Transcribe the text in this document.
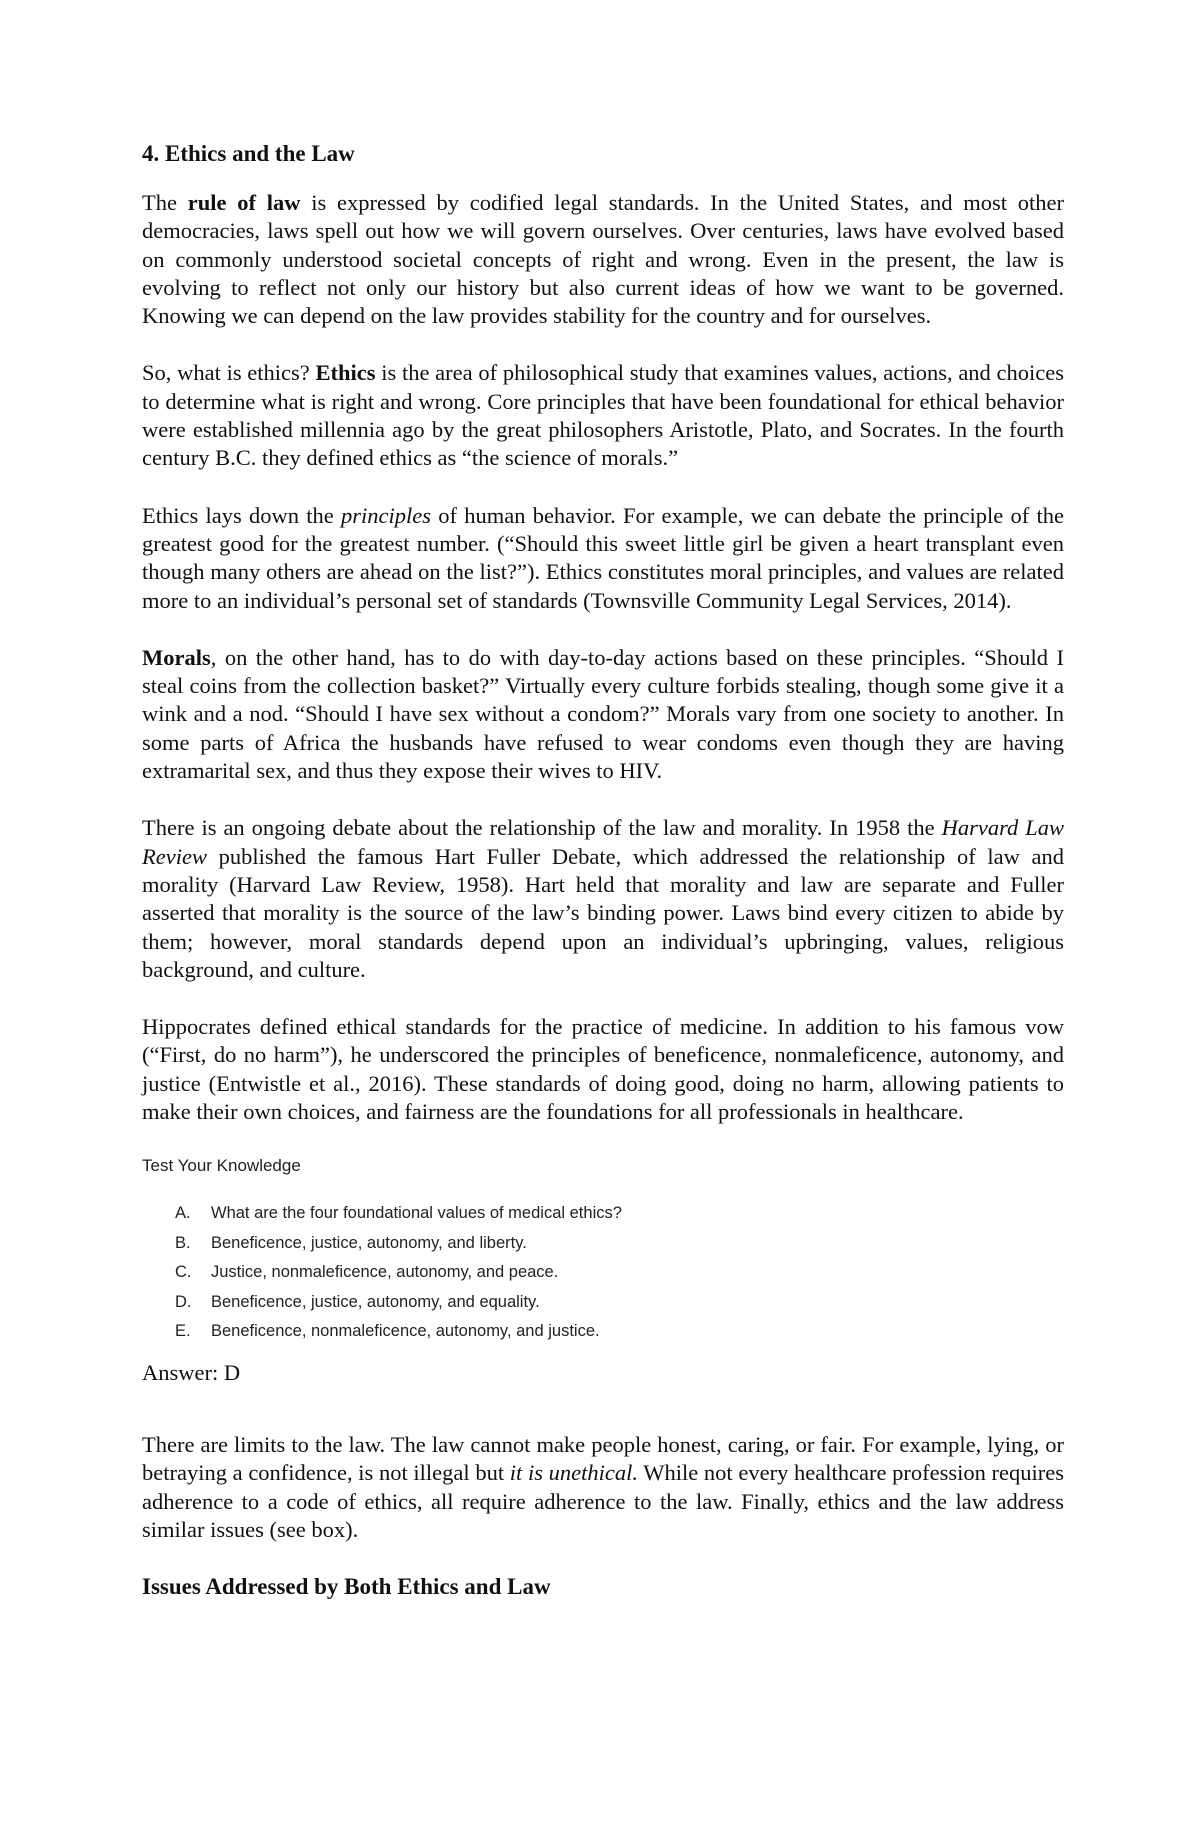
4. Ethics and the Law

The rule of law is expressed by codified legal standards. In the United States, and most other democracies, laws spell out how we will govern ourselves. Over centuries, laws have evolved based on commonly understood societal concepts of right and wrong. Even in the present, the law is evolving to reflect not only our history but also current ideas of how we want to be governed. Knowing we can depend on the law provides stability for the country and for ourselves.

So, what is ethics? Ethics is the area of philosophical study that examines values, actions, and choices to determine what is right and wrong. Core principles that have been foundational for ethical behavior were established millennia ago by the great philosophers Aristotle, Plato, and Socrates. In the fourth century B.C. they defined ethics as “the science of morals.”

Ethics lays down the principles of human behavior. For example, we can debate the principle of the greatest good for the greatest number. (“Should this sweet little girl be given a heart transplant even though many others are ahead on the list?”). Ethics constitutes moral principles, and values are related more to an individual’s personal set of standards (Townsville Community Legal Services, 2014).

Morals, on the other hand, has to do with day-to-day actions based on these principles. “Should I steal coins from the collection basket?” Virtually every culture forbids stealing, though some give it a wink and a nod. “Should I have sex without a condom?” Morals vary from one society to another. In some parts of Africa the husbands have refused to wear condoms even though they are having extramarital sex, and thus they expose their wives to HIV.

There is an ongoing debate about the relationship of the law and morality. In 1958 the Harvard Law Review published the famous Hart Fuller Debate, which addressed the relationship of law and morality (Harvard Law Review, 1958). Hart held that morality and law are separate and Fuller asserted that morality is the source of the law’s binding power. Laws bind every citizen to abide by them; however, moral standards depend upon an individual’s upbringing, values, religious background, and culture.

Hippocrates defined ethical standards for the practice of medicine. In addition to his famous vow (“First, do no harm”), he underscored the principles of beneficence, nonmaleficence, autonomy, and justice (Entwistle et al., 2016). These standards of doing good, doing no harm, allowing patients to make their own choices, and fairness are the foundations for all professionals in healthcare.

Test Your Knowledge
A.	What are the four foundational values of medical ethics?
B.	Beneficence, justice, autonomy, and liberty.
C.	Justice, nonmaleficence, autonomy, and peace.
D.	Beneficence, justice, autonomy, and equality.
E.	Beneficence, nonmaleficence, autonomy, and justice.
Answer: D

There are limits to the law. The law cannot make people honest, caring, or fair. For example, lying, or betraying a confidence, is not illegal but it is unethical. While not every healthcare profession requires adherence to a code of ethics, all require adherence to the law. Finally, ethics and the law address similar issues (see box).

Issues Addressed by Both Ethics and Law
